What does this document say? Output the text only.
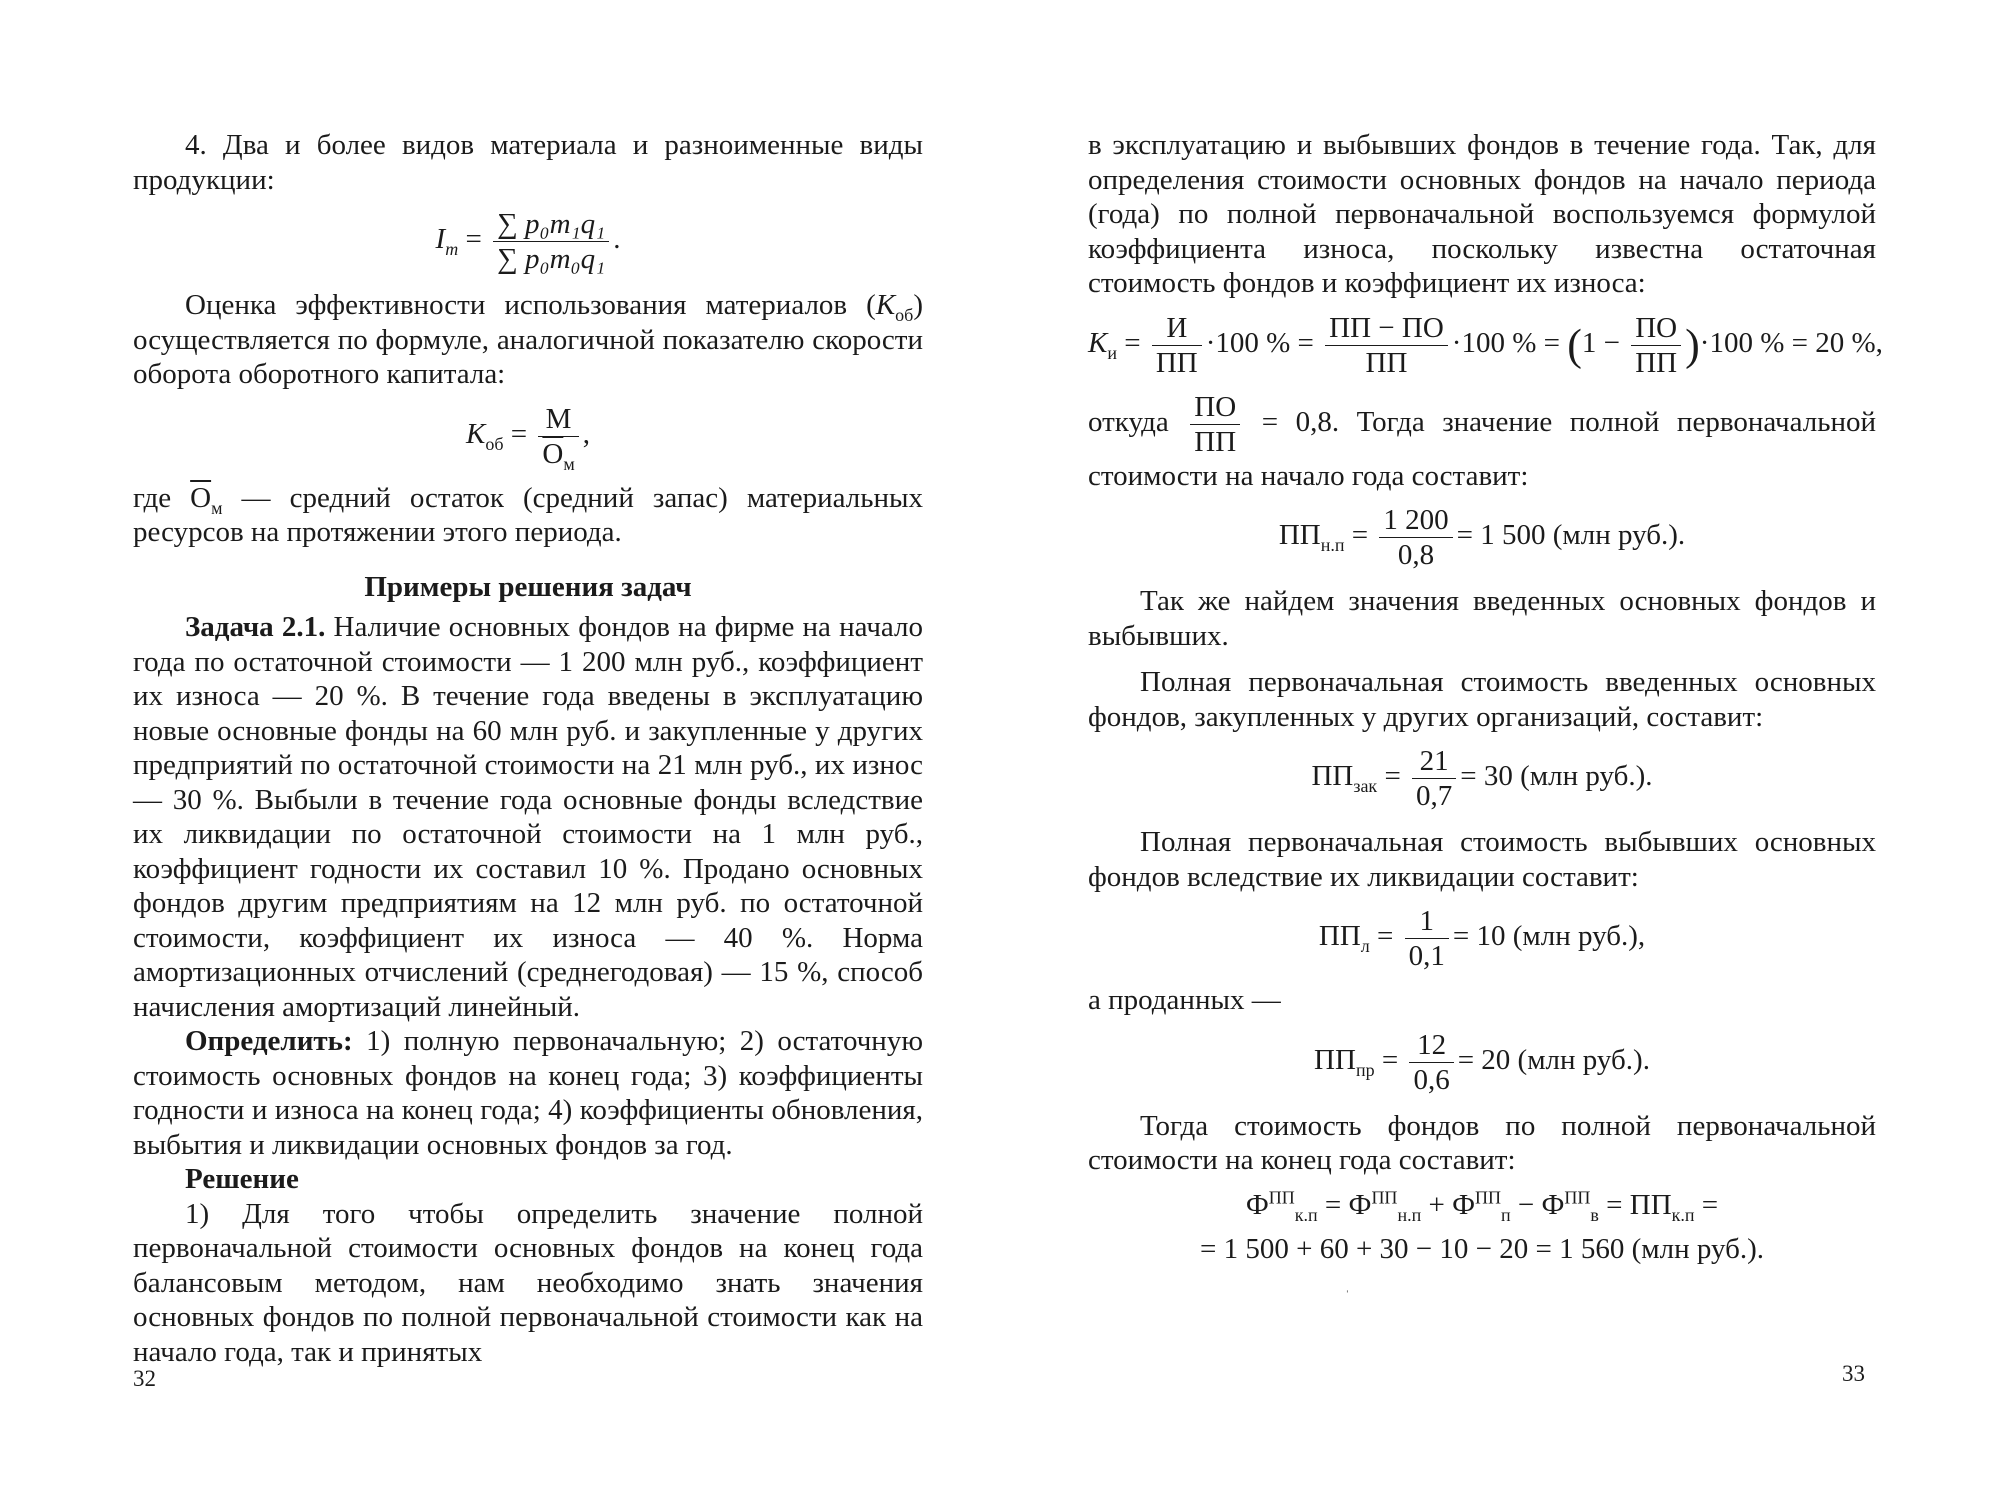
4. Два и более видов материала и разноименные виды продукции:

$I_m = \frac{\text{∑ p₀m₁q₁}}{\text{∑ p₀m₀q₁}}$ .

Оценка эффективности использования материалов $(K_{об})$ осуществляется по формуле, аналогичной показателю скорости оборота оборотного капитала:

$K_{об} = \frac{М}{О_м}$ ,

где $О_м$ — средний остаток (средний запас) материальных ресурсов на протяжении этого периода.

Примеры решения задач

Задача 2.1. Наличие основных фондов на фирме на начало года по остаточной стоимости — 1 200 млн руб., коэффициент их износа — 20 %. В течение года введены в эксплуатацию новые основные фонды на 60 млн руб. и закупленные у других предприятий по остаточной стоимости на 21 млн руб., их износ — 30 %. Выбыли в течение года основные фонды вследствие их ликвидации по остаточной стоимости на 1 млн руб., коэффициент годности их составил 10 %. Продано основных фондов другим предприятиям на 12 млн руб. по остаточной стоимости, коэффициент их износа — 40 %. Норма амортизационных отчислений (среднегодовая) — 15 %, способ начисления амортизаций линейный.

Определить: 1) полную первоначальную; 2) остаточную стоимость основных фондов на конец года; 3) коэффициенты годности и износа на конец года; 4) коэффициенты обновления, выбытия и ликвидации основных фондов за год.

Решение

1) Для того чтобы определить значение полной первоначальной стоимости основных фондов на конец года балансовым методом, нам необходимо знать значения основных фондов по полной первоначальной стоимости как на начало года, так и принятых

32

в эксплуатацию и выбывших фондов в течение года. Так, для определения стоимости основных фондов на начало периода (года) по полной первоначальной воспользуемся формулой коэффициента износа, поскольку известна остаточная стоимость фондов и коэффициент их износа:

$K_и = \frac{И}{ПП} \cdot 100$ % = $\frac{ПП - ПО}{ПП} \cdot 100$ % = $(1 - \frac{ПО}{ПП} )\cdot 100$ % = 20 %,

откуда $\frac{ПО}{ПП} = 0,8$. Тогда значение полной первоначальной стоимости на начало года составит:

$ПП_{н.п} = \frac{1 200}{0,8} = 1$ 500 (млн руб.).

Так же найдем значения введенных основных фондов и выбывших.

Полная первоначальная стоимость введенных основных фондов, закупленных у других организаций, составит:

$ПП_{зак} = \frac{21}{0,7} = 30$ (млн руб.).

Полная первоначальная стоимость выбывших основных фондов вследствие их ликвидации составит:

$ПП_л = \frac{1}{0,1} = 10$ (млн руб.),

а проданных —

$ПП_{пр} = \frac{12}{0,6} = 20$ (млн руб.).

Тогда стоимость фондов по полной первоначальной стоимости на конец года составит:

$Ф^{ПП}_{к.п} = Ф^{ПП}_{н.п} + Ф^{ПП}_п - Ф^{ПП}_в = ПП_{к.п}$ =
= 1 500 + 60 + 30 − 10 − 20 = 1 560 (млн руб.).
ˈ
33
